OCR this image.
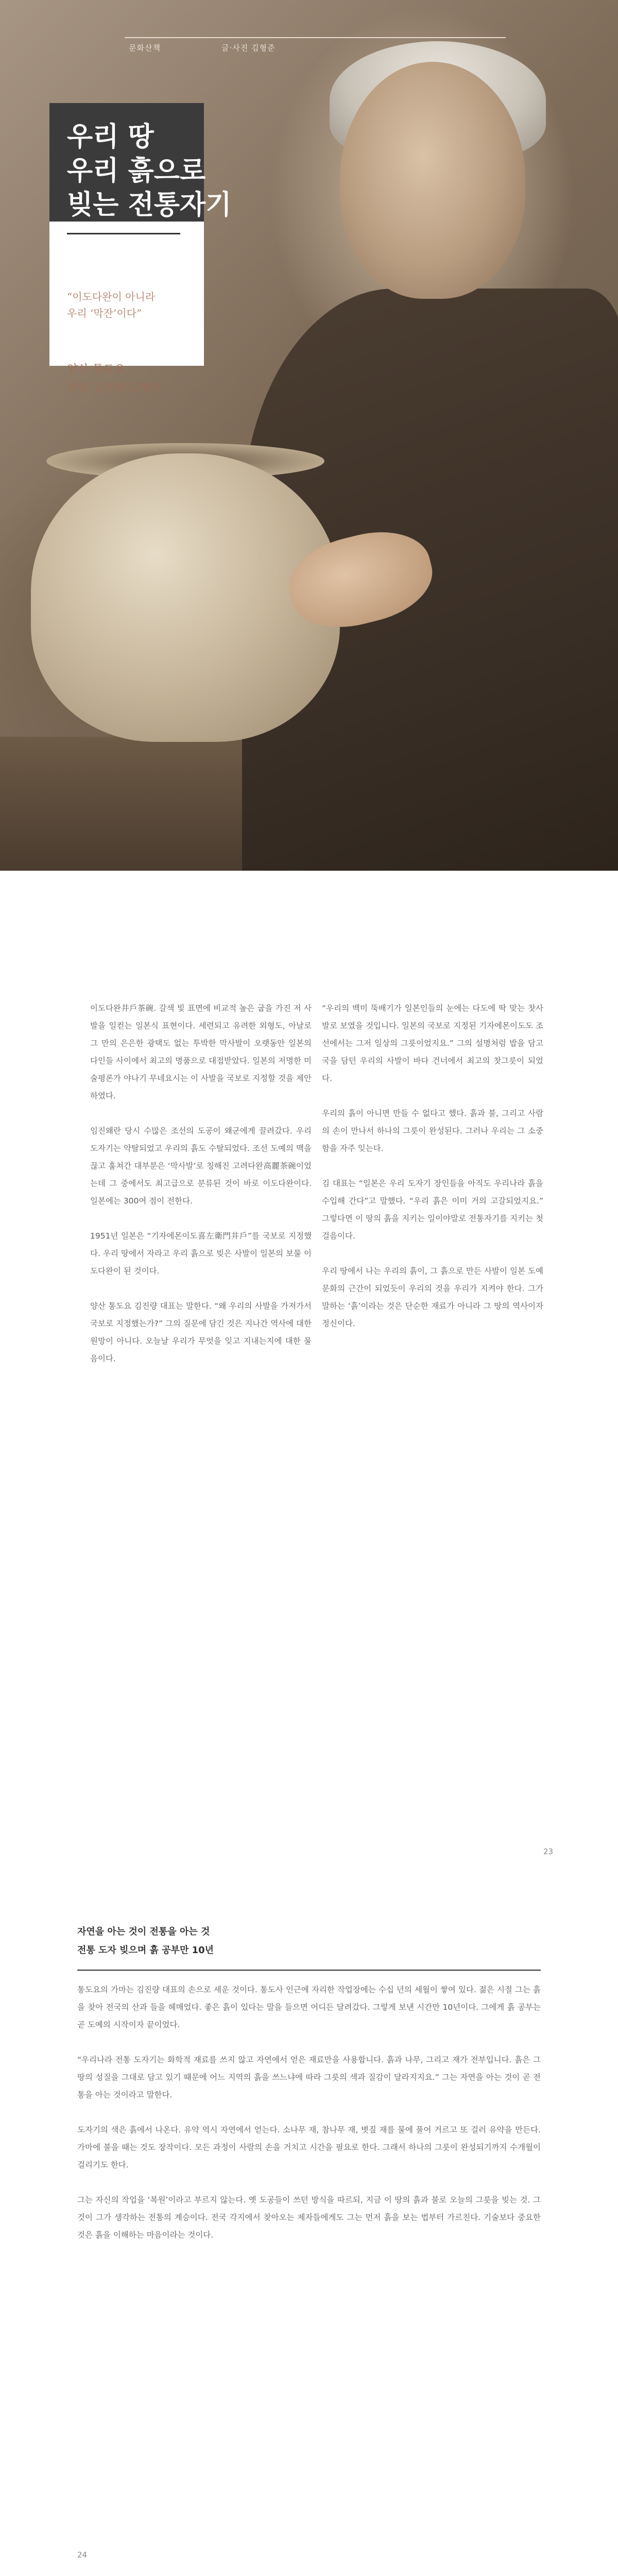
문화산책	글·사진 김형준
우리 땅
우리 흙으로
빚는 전통자기
“이도다완이 아니라
우리 ‘막잔’이다”
양산 통도요
송암 김진량 도예가

이도다완井戶茶碗. 갈색 빛 표면에 비교적 높은 굽을 가진 저 사발을 일컫는 일본식 표현이다. 세련되고 유려한 외형도, 아날로그 만의 은은한 광택도 없는 투박한 막사발이 오랫동안 일본의 다인들 사이에서 최고의 명품으로 대접받았다. 일본의 저명한 미술평론가 야나기 무네요시는 이 사발을 국보로 지정할 것을 제안하였다.

임진왜란 당시 수많은 조선의 도공이 왜군에게 끌려갔다. 우리 도자기는 약탈되었고 우리의 흙도 수탈되었다. 조선 도예의 맥을 끊고 훔쳐간 대부분은 ‘막사발’로 칭해진 고려다완高麗茶碗이었는데 그 중에서도 최고급으로 분류된 것이 바로 이도다완이다. 일본에는 300여 점이 전한다.

1951년 일본은 “기자에몬이도喜左衛門井戶”를 국보로 지정했다. 우리 땅에서 자라고 우리 흙으로 빚은 사발이 일본의 보물 이도다완이 된 것이다.

양산 통도요 김진량 대표는 말한다. “왜 우리의 사발을 가져가서 국보로 지정했는가?” 그의 질문에 담긴 것은 지나간 역사에 대한 원망이 아니다. 오늘날 우리가 무엇을 잊고 지내는지에 대한 물음이다.

“우리의 백미 뚝배기가 일본인들의 눈에는 다도에 딱 맞는 찻사발로 보였을 것입니다. 일본의 국보로 지정된 기자에몬이도도 조선에서는 그저 일상의 그릇이었지요.” 그의 설명처럼 밥을 담고 국을 담던 우리의 사발이 바다 건너에서 최고의 찻그릇이 되었다.

우리의 흙이 아니면 만들 수 없다고 했다. 흙과 불, 그리고 사람의 손이 만나서 하나의 그릇이 완성된다. 그러나 우리는 그 소중함을 자주 잊는다.

김 대표는 “일본은 우리 도자기 장인들을 아직도 우리나라 흙을 수입해 간다”고 말했다. “우리 흙은 이미 거의 고갈되었지요.” 그렇다면 이 땅의 흙을 지키는 일이야말로 전통자기를 지키는 첫걸음이다.

우리 땅에서 나는 우리의 흙이, 그 흙으로 만든 사발이 일본 도예 문화의 근간이 되었듯이 우리의 것을 우리가 지켜야 한다. 그가 말하는 ‘흙’이라는 것은 단순한 재료가 아니라 그 땅의 역사이자 정신이다.

23
자연을 아는 것이 전통을 아는 것
전통 도자 빚으며 흙 공부만 10년

통도요의 가마는 김진량 대표의 손으로 세운 것이다. 통도사 인근에 자리한 작업장에는 수십 년의 세월이 쌓여 있다. 젊은 시절 그는 흙을 찾아 전국의 산과 들을 헤매었다. 좋은 흙이 있다는 말을 들으면 어디든 달려갔다. 그렇게 보낸 시간만 10년이다. 그에게 흙 공부는 곧 도예의 시작이자 끝이었다.

“우리나라 전통 도자기는 화학적 재료를 쓰지 않고 자연에서 얻은 재료만을 사용합니다. 흙과 나무, 그리고 재가 전부입니다. 흙은 그 땅의 성질을 그대로 담고 있기 때문에 어느 지역의 흙을 쓰느냐에 따라 그릇의 색과 질감이 달라지지요.” 그는 자연을 아는 것이 곧 전통을 아는 것이라고 말한다.

도자기의 색은 흙에서 나온다. 유약 역시 자연에서 얻는다. 소나무 재, 참나무 재, 볏짚 재를 물에 풀어 거르고 또 걸러 유약을 만든다. 가마에 불을 때는 것도 장작이다. 모든 과정이 사람의 손을 거치고 시간을 필요로 한다. 그래서 하나의 그릇이 완성되기까지 수개월이 걸리기도 한다.

그는 자신의 작업을 ‘복원’이라고 부르지 않는다. 옛 도공들이 쓰던 방식을 따르되, 지금 이 땅의 흙과 불로 오늘의 그릇을 빚는 것. 그것이 그가 생각하는 전통의 계승이다. 전국 각지에서 찾아오는 제자들에게도 그는 먼저 흙을 보는 법부터 가르친다. 기술보다 중요한 것은 흙을 이해하는 마음이라는 것이다.

24
